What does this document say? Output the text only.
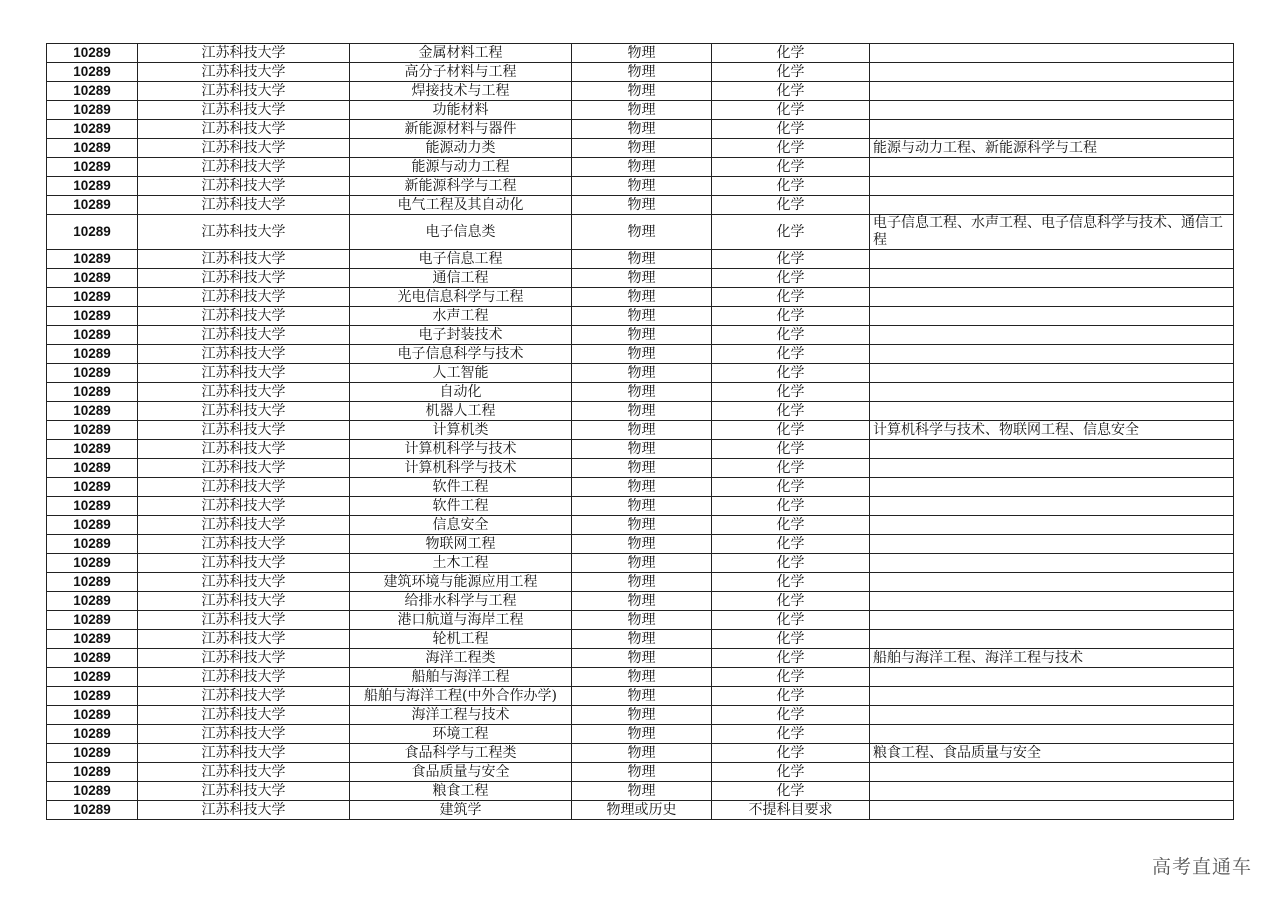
10289	江苏科技大学	金属材料工程	物理	化学	
10289	江苏科技大学	高分子材料与工程	物理	化学	
10289	江苏科技大学	焊接技术与工程	物理	化学	
10289	江苏科技大学	功能材料	物理	化学	
10289	江苏科技大学	新能源材料与器件	物理	化学	
10289	江苏科技大学	能源动力类	物理	化学	能源与动力工程、新能源科学与工程
10289	江苏科技大学	能源与动力工程	物理	化学	
10289	江苏科技大学	新能源科学与工程	物理	化学	
10289	江苏科技大学	电气工程及其自动化	物理	化学	
10289	江苏科技大学	电子信息类	物理	化学	电子信息工程、水声工程、电子信息科学与技术、通信工程
10289	江苏科技大学	电子信息工程	物理	化学	
10289	江苏科技大学	通信工程	物理	化学	
10289	江苏科技大学	光电信息科学与工程	物理	化学	
10289	江苏科技大学	水声工程	物理	化学	
10289	江苏科技大学	电子封装技术	物理	化学	
10289	江苏科技大学	电子信息科学与技术	物理	化学	
10289	江苏科技大学	人工智能	物理	化学	
10289	江苏科技大学	自动化	物理	化学	
10289	江苏科技大学	机器人工程	物理	化学	
10289	江苏科技大学	计算机类	物理	化学	计算机科学与技术、物联网工程、信息安全
10289	江苏科技大学	计算机科学与技术	物理	化学	
10289	江苏科技大学	计算机科学与技术	物理	化学	
10289	江苏科技大学	软件工程	物理	化学	
10289	江苏科技大学	软件工程	物理	化学	
10289	江苏科技大学	信息安全	物理	化学	
10289	江苏科技大学	物联网工程	物理	化学	
10289	江苏科技大学	土木工程	物理	化学	
10289	江苏科技大学	建筑环境与能源应用工程	物理	化学	
10289	江苏科技大学	给排水科学与工程	物理	化学	
10289	江苏科技大学	港口航道与海岸工程	物理	化学	
10289	江苏科技大学	轮机工程	物理	化学	
10289	江苏科技大学	海洋工程类	物理	化学	船舶与海洋工程、海洋工程与技术
10289	江苏科技大学	船舶与海洋工程	物理	化学	
10289	江苏科技大学	船舶与海洋工程(中外合作办学)	物理	化学	
10289	江苏科技大学	海洋工程与技术	物理	化学	
10289	江苏科技大学	环境工程	物理	化学	
10289	江苏科技大学	食品科学与工程类	物理	化学	粮食工程、食品质量与安全
10289	江苏科技大学	食品质量与安全	物理	化学	
10289	江苏科技大学	粮食工程	物理	化学	
10289	江苏科技大学	建筑学	物理或历史	不提科目要求	
高考直通车
